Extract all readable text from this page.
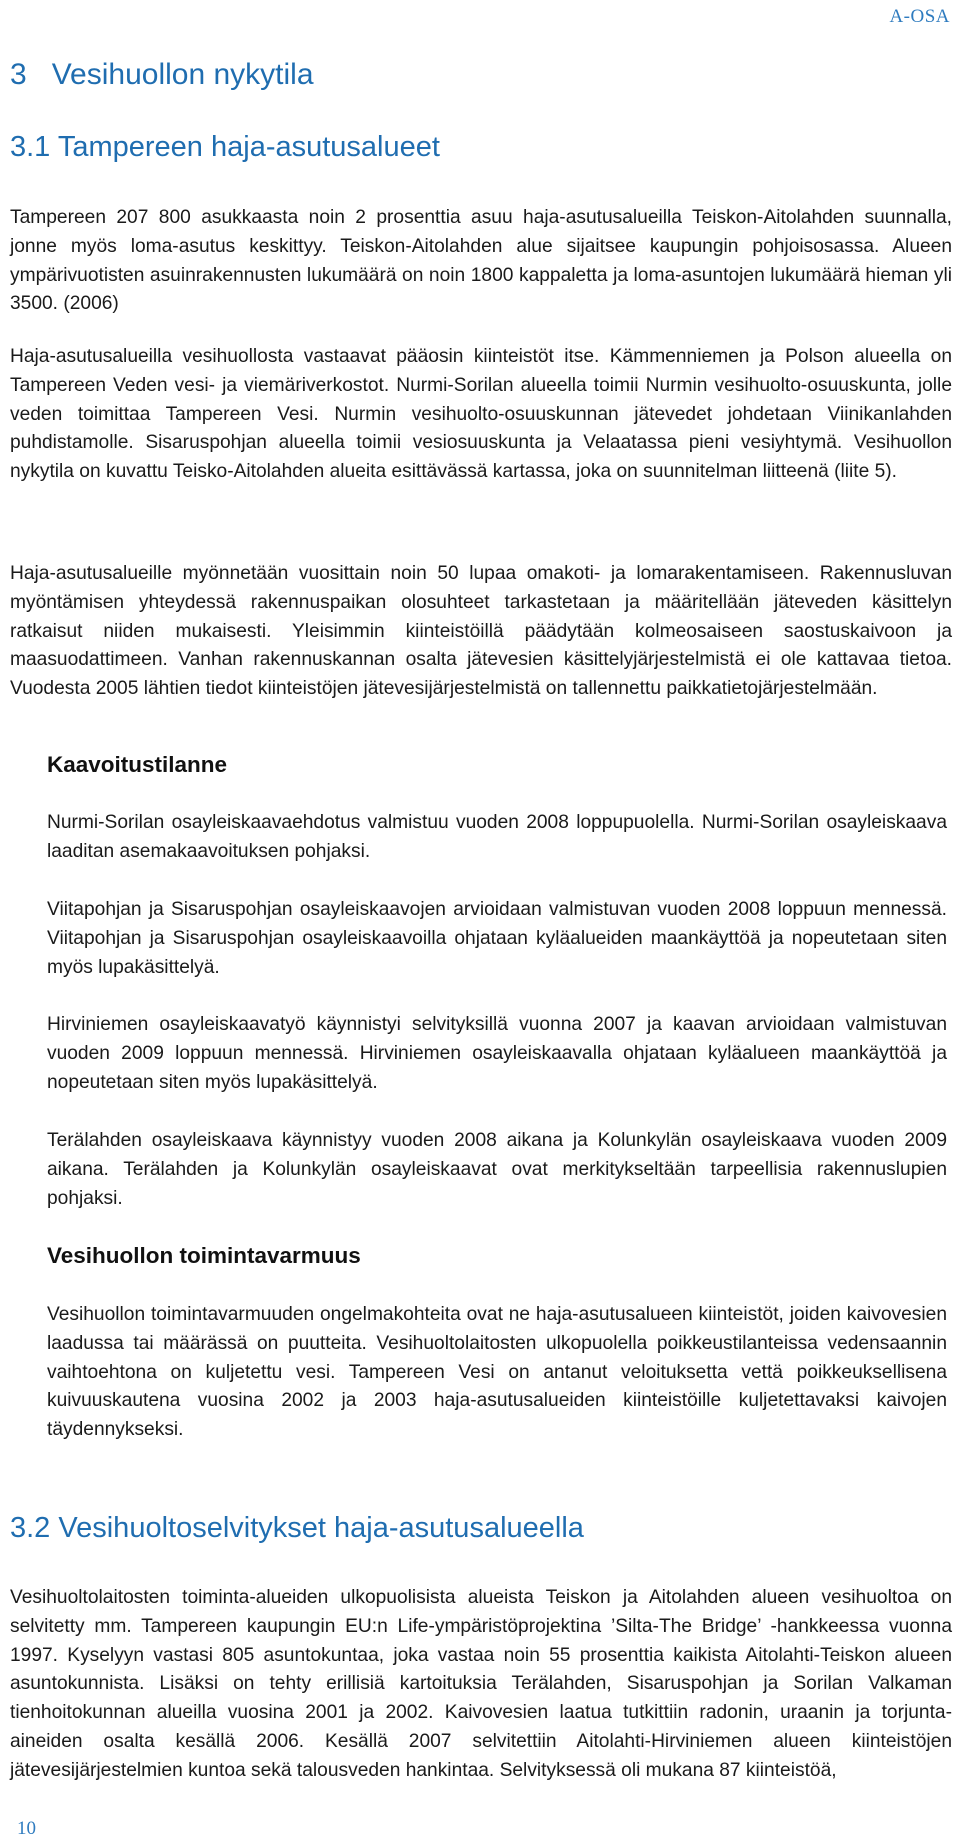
A-OSA
3 Vesihuollon nykytila
3.1 Tampereen haja-asutusalueet

Tampereen 207 800 asukkaasta noin 2 prosenttia asuu haja-asutusalueilla Teiskon-Aitolahden suunnalla, jonne myös loma-asutus keskittyy. Teiskon-Aitolahden alue sijaitsee kaupungin pohjoisosassa. Alueen ympärivuotisten asuinrakennusten lukumäärä on noin 1800 kappaletta ja loma-asuntojen lukumäärä hieman yli 3500. (2006)

Haja-asutusalueilla vesihuollosta vastaavat pääosin kiinteistöt itse. Kämmenniemen ja Polson alueella on Tampereen Veden vesi- ja viemäriverkostot. Nurmi-Sorilan alueella toimii Nurmin vesihuolto-osuuskunta, jolle veden toimittaa Tampereen Vesi. Nurmin vesihuolto-osuuskunnan jätevedet johdetaan Viinikanlahden puhdistamolle. Sisaruspohjan alueella toimii vesiosuuskunta ja Velaatassa pieni vesiyhtymä. Vesihuollon nykytila on kuvattu Teisko-Aitolahden alueita esittävässä kartassa, joka on suunnitelman liitteenä (liite 5).

Haja-asutusalueille myönnetään vuosittain noin 50 lupaa omakoti- ja lomarakentamiseen. Rakennusluvan myöntämisen yhteydessä rakennuspaikan olosuhteet tarkastetaan ja määritellään jäteveden käsittelyn ratkaisut niiden mukaisesti. Yleisimmin kiinteistöillä päädytään kolmeosaiseen saostuskaivoon ja maasuodattimeen. Vanhan rakennuskannan osalta jätevesien käsittelyjärjestelmistä ei ole kattavaa tietoa. Vuodesta 2005 lähtien tiedot kiinteistöjen jätevesijärjestelmistä on tallennettu paikkatietojärjestelmään.

Kaavoitustilanne

Nurmi-Sorilan osayleiskaavaehdotus valmistuu vuoden 2008 loppupuolella. Nurmi-Sorilan osayleiskaava laaditan asemakaavoituksen pohjaksi.

Viitapohjan ja Sisaruspohjan osayleiskaavojen arvioidaan valmistuvan vuoden 2008 loppuun mennessä. Viitapohjan ja Sisaruspohjan osayleiskaavoilla ohjataan kyläalueiden maankäyttöä ja nopeutetaan siten myös lupakäsittelyä.

Hirviniemen osayleiskaavatyö käynnistyi selvityksillä vuonna 2007 ja kaavan arvioidaan valmistuvan vuoden 2009 loppuun mennessä. Hirviniemen osayleiskaavalla ohjataan kyläalueen maankäyttöä ja nopeutetaan siten myös lupakäsittelyä.

Terälahden osayleiskaava käynnistyy vuoden 2008 aikana ja Kolunkylän osayleiskaava vuoden 2009 aikana. Terälahden ja Kolunkylän osayleiskaavat ovat merkitykseltään tarpeellisia rakennuslupien pohjaksi.

Vesihuollon toimintavarmuus

Vesihuollon toimintavarmuuden ongelmakohteita ovat ne haja-asutusalueen kiinteistöt, joiden kaivovesien laadussa tai määrässä on puutteita. Vesihuoltolaitosten ulkopuolella poikkeustilanteissa vedensaannin vaihtoehtona on kuljetettu vesi. Tampereen Vesi on antanut veloituksetta vettä poikkeuksellisena kuivuuskautena vuosina 2002 ja 2003 haja-asutusalueiden kiinteistöille kuljetettavaksi kaivojen täydennykseksi.

3.2 Vesihuoltoselvitykset haja-asutusalueella

Vesihuoltolaitosten toiminta-alueiden ulkopuolisista alueista Teiskon ja Aitolahden alueen vesihuoltoa on selvitetty mm. Tampereen kaupungin EU:n Life-ympäristöprojektina ’Silta-The Bridge’ -hankkeessa vuonna 1997. Kyselyyn vastasi 805 asuntokuntaa, joka vastaa noin 55 prosenttia kaikista Aitolahti-Teiskon alueen asuntokunnista. Lisäksi on tehty erillisiä kartoituksia Terälahden, Sisaruspohjan ja Sorilan Valkaman tienhoitokunnan alueilla vuosina 2001 ja 2002. Kaivovesien laatua tutkittiin radonin, uraanin ja torjunta-aineiden osalta kesällä 2006. Kesällä 2007 selvitettiin Aitolahti-Hirviniemen alueen kiinteistöjen jätevesijärjestelmien kuntoa sekä talousveden hankintaa. Selvityksessä oli mukana 87 kiinteistöä,

10
